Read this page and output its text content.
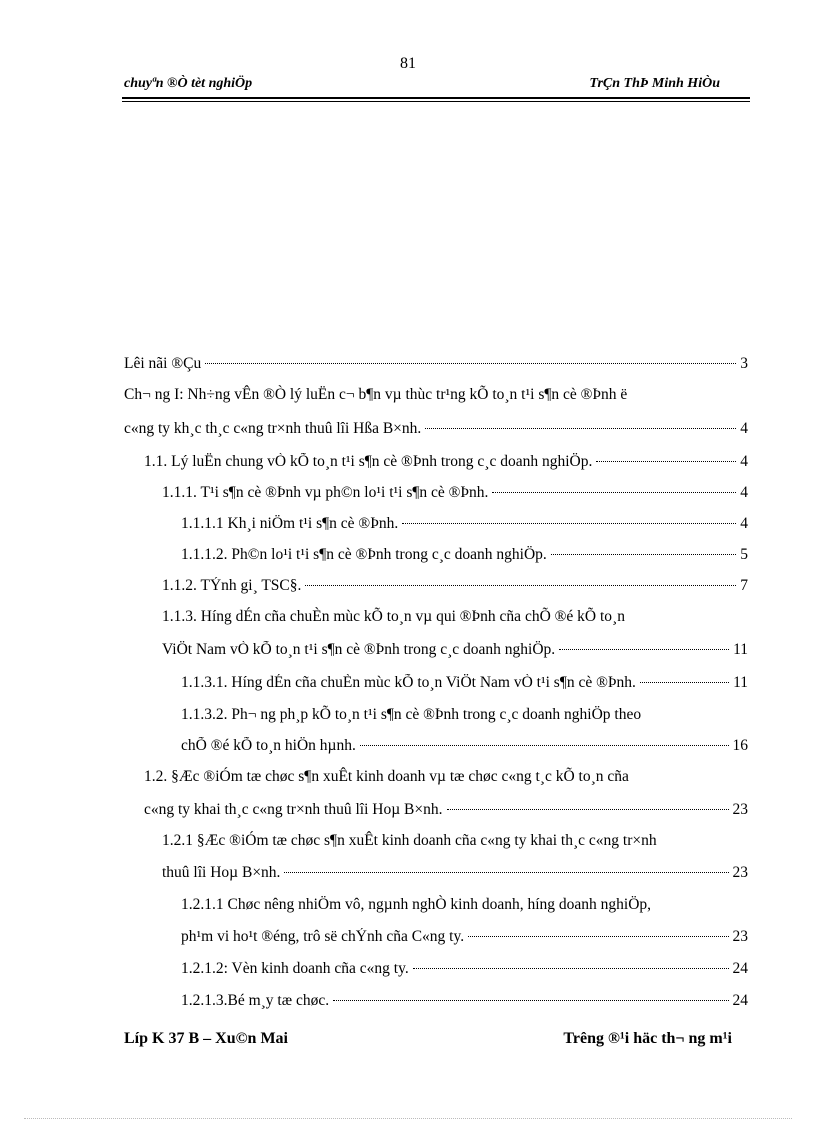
81
chuyªn ®Ò tèt nghiÖp	TrÇn ThÞ Minh HiÒu
Lêi nãi ®Çu	3
Ch¬ ng I: Nh÷ng vÊn ®Ò lý luËn c¬ b¶n vµ thùc tr¹ng kÕ to¸n t¹i s¶n cè ®Þnh ë
c«ng ty kh¸c th¸c c«ng tr×nh thuû lîi Hßa B×nh.	4
1.1. Lý luËn chung vÒ kÕ to¸n t¹i s¶n cè ®Þnh trong c¸c doanh nghiÖp.	4
1.1.1. T¹i s¶n cè ®Þnh vµ ph©n lo¹i t¹i s¶n cè ®Þnh.	4
1.1.1.1 Kh¸i niÖm t¹i s¶n cè ®Þnh.	4
1.1.1.2. Ph©n lo¹i t¹i s¶n cè ®Þnh trong c¸c doanh nghiÖp.	5
1.1.2. TÝnh gi¸ TSC§.	7
1.1.3. Híng dÉn cña chuÈn mùc kÕ to¸n vµ qui ®Þnh cña chÕ ®é kÕ to¸n
ViÖt Nam vÒ kÕ to¸n t¹i s¶n cè ®Þnh trong c¸c doanh nghiÖp.	11
1.1.3.1. Híng dÉn cña chuÈn mùc kÕ to¸n ViÖt Nam vÒ t¹i s¶n cè ®Þnh.	11
1.1.3.2. Ph¬ ng ph¸p kÕ to¸n t¹i s¶n cè ®Þnh trong c¸c doanh nghiÖp theo
chÕ ®é kÕ to¸n hiÖn hµnh.	16
1.2. §Æc ®iÓm tæ chøc s¶n xuÊt kinh doanh vµ tæ chøc c«ng t¸c kÕ to¸n cña
c«ng ty khai th¸c c«ng tr×nh thuû lîi Hoµ B×nh.	23
1.2.1 §Æc ®iÓm tæ chøc s¶n xuÊt kinh doanh cña c«ng ty khai th¸c c«ng tr×nh
thuû lîi Hoµ B×nh.	23
1.2.1.1 Chøc nêng nhiÖm vô, ngµnh nghÒ kinh doanh, híng doanh nghiÖp,
ph¹m vi ho¹t ®éng, trô së chÝnh cña C«ng ty.	23
1.2.1.2: Vèn kinh doanh cña c«ng ty.	24
1.2.1.3.Bé m¸y tæ chøc.	24
Líp K 37 B – Xu©n Mai	Trêng ®¹i häc th¬ ng m¹i
